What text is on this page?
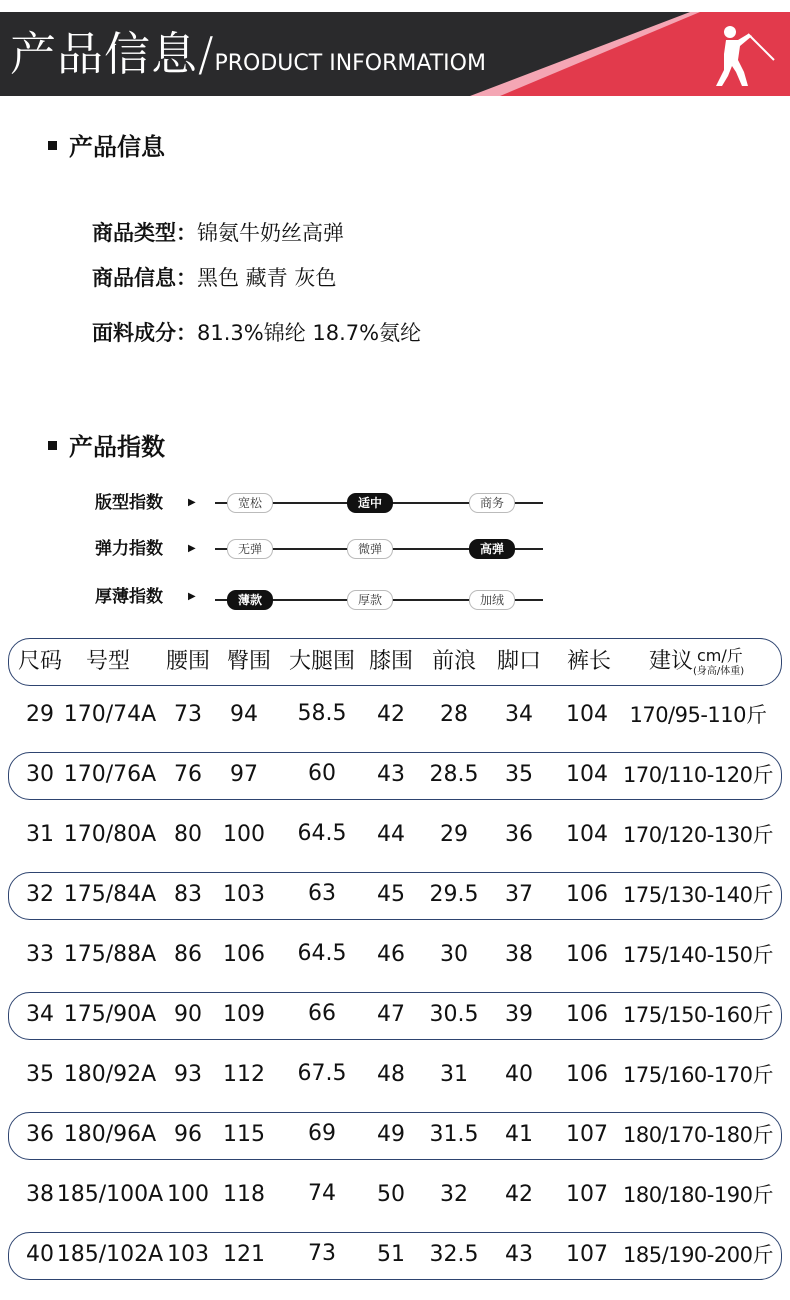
产品信息/PRODUCT INFORMATIOM
产品信息
商品类型：锦氨牛奶丝高弹
商品信息：黑色 藏青 灰色
面料成分：81.3%锦纶 18.7%氨纶
产品指数
版型指数	▶	宽松	适中	商务
弹力指数	▶	无弹	微弹	高弹
厚薄指数	▶	薄款	厚款	加绒
尺码 号型 腰围 臀围 大腿围 膝围 前浪 脚口 裤长 建议 cm/斤
(身高/体重)
29 170/74A 73 94 58.5 42 28 34 104 170/95-110斤
30 170/76A 76 97 60 43 28.5 35 104 170/110-120斤
31 170/80A 80 100 64.5 44 29 36 104 170/120-130斤
32 175/84A 83 103 63 45 29.5 37 106 175/130-140斤
33 175/88A 86 106 64.5 46 30 38 106 175/140-150斤
34 175/90A 90 109 66 47 30.5 39 106 175/150-160斤
35 180/92A 93 112 67.5 48 31 40 106 175/160-170斤
36 180/96A 96 115 69 49 31.5 41 107 180/170-180斤
38 185/100A 100 118 74 50 32 42 107 180/180-190斤
40 185/102A 103 121 73 51 32.5 43 107 185/190-200斤
